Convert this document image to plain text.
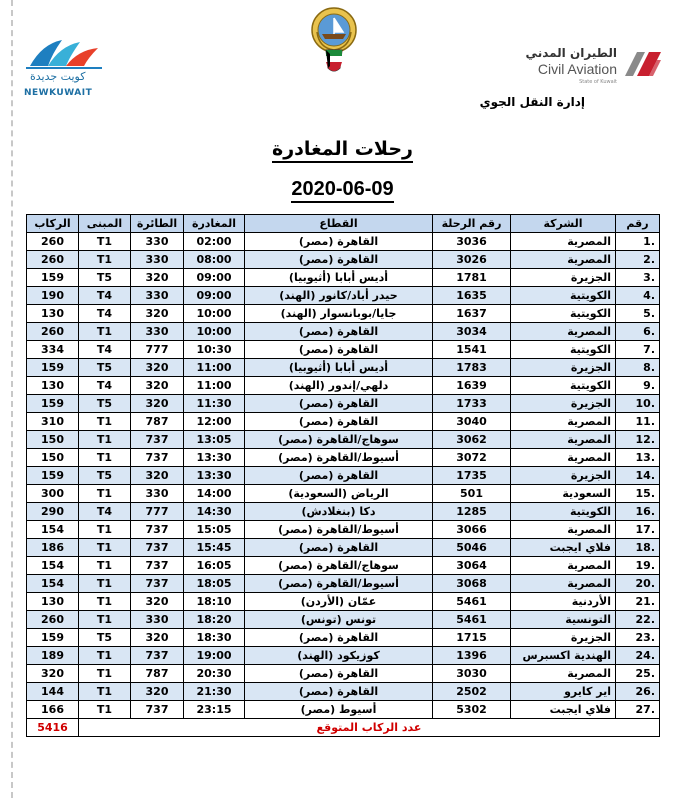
الطيران المدني
Civil Aviation
State of Kuwait
إدارة النقل الجوي
كويت جديدة
NEWKUWAIT
رحلات المغادرة
2020-06-09
رقم	الشركة	رقم الرحلة	القطاع	المغادرة	الطائرة	المبنى	الركاب
.1	المصرية	3036	القاهرة (مصر)	02:00	330	T1	260
.2	المصرية	3026	القاهرة (مصر)	08:00	330	T1	260
.3	الجزيرة	1781	أديس أبابا (أثيوبيا)	09:00	320	T5	159
.4	الكويتية	1635	حيدر أباد/كانور (الهند)	09:00	330	T4	190
.5	الكويتية	1637	جايا/بوبانسوار (الهند)	10:00	320	T4	130
.6	المصرية	3034	القاهرة (مصر)	10:00	330	T1	260
.7	الكويتية	1541	القاهرة (مصر)	10:30	777	T4	334
.8	الجزيرة	1783	أديس أبابا (أثيوبيا)	11:00	320	T5	159
.9	الكويتية	1639	دلهي/إندور (الهند)	11:00	320	T4	130
.10	الجزيرة	1733	القاهرة (مصر)	11:30	320	T5	159
.11	المصرية	3040	القاهرة (مصر)	12:00	787	T1	310
.12	المصرية	3062	سوهاج/القاهرة (مصر)	13:05	737	T1	150
.13	المصرية	3072	أسيوط/القاهرة (مصر)	13:30	737	T1	150
.14	الجزيرة	1735	القاهرة (مصر)	13:30	320	T5	159
.15	السعودية	501	الرياض (السعودية)	14:00	330	T1	300
.16	الكويتية	1285	دكا (بنغلادش)	14:30	777	T4	290
.17	المصرية	3066	أسيوط/القاهرة (مصر)	15:05	737	T1	154
.18	فلاي ايجبت	5046	القاهرة (مصر)	15:45	737	T1	186
.19	المصرية	3064	سوهاج/القاهرة (مصر)	16:05	737	T1	154
.20	المصرية	3068	أسيوط/القاهرة (مصر)	18:05	737	T1	154
.21	الأردنية	5461	عمّان (الأردن)	18:10	320	T1	130
.22	التونسية	5461	تونس (تونس)	18:20	330	T1	260
.23	الجزيرة	1715	القاهرة (مصر)	18:30	320	T5	159
.24	الهندية اكسبرس	1396	كوزيكود (الهند)	19:00	737	T1	189
.25	المصرية	3030	القاهرة (مصر)	20:30	787	T1	320
.26	اير كايرو	2502	القاهرة (مصر)	21:30	320	T1	144
.27	فلاي ايجبت	5302	أسيوط (مصر)	23:15	737	T1	166
عدد الركاب المتوقع							5416
